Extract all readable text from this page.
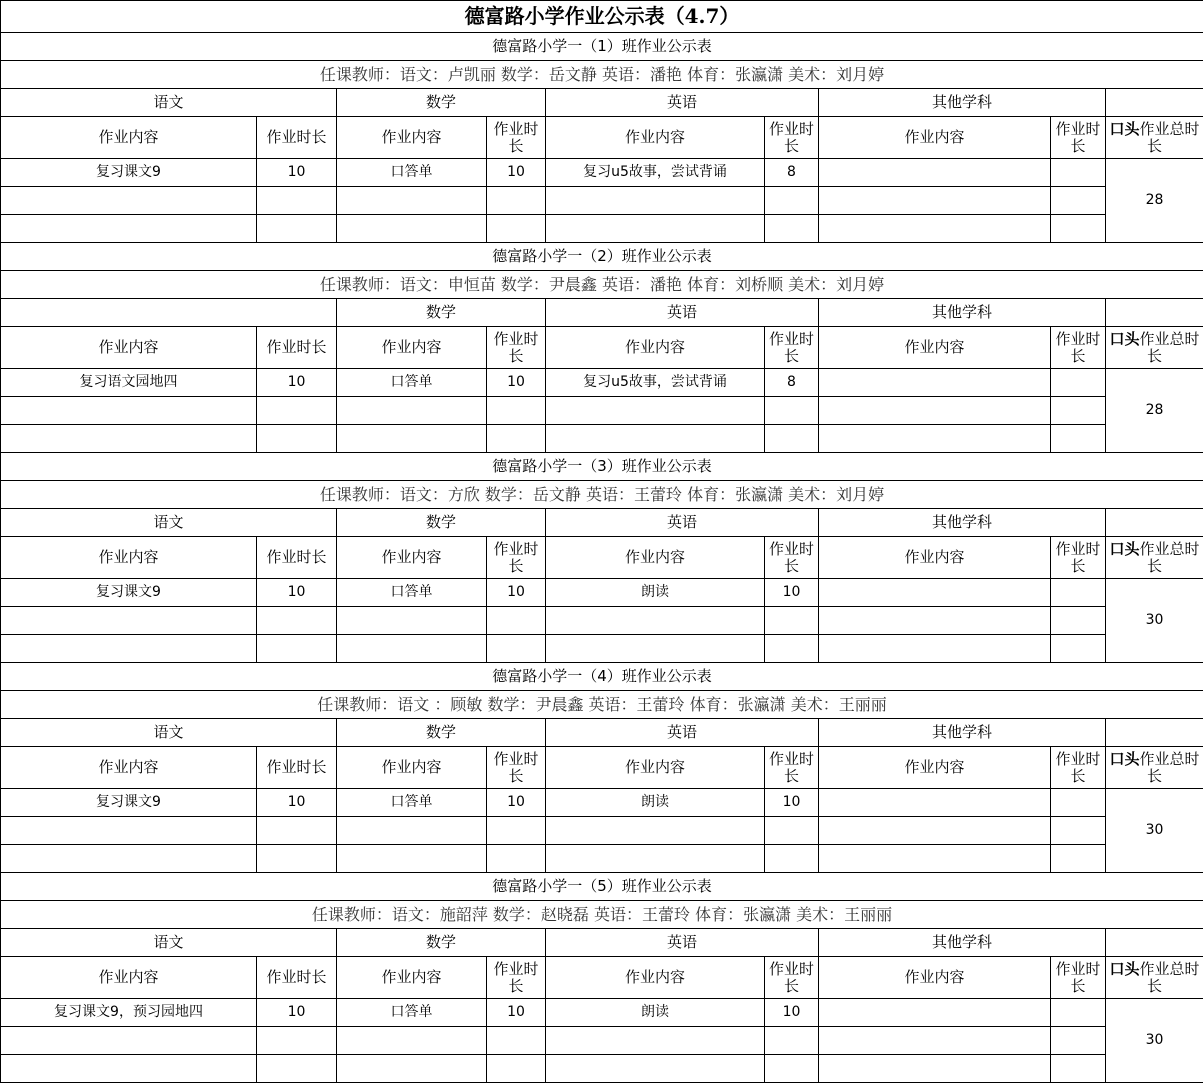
德富路小学作业公示表（4.7）								
德富路小学一（1）班作业公示表								
任课教师：语文：卢凯丽 数学：岳文静 英语：潘艳 体育：张瀛潇 美术：刘月婷								
语文		数学		英语		其他学科		
作业内容	作业时长	作业内容	作业时长	作业内容	作业时长	作业内容	作业时长	口头作业总时长
复习课文9	10	口答单	10	复习u5故事，尝试背诵	8			28

德富路小学一（2）班作业公示表								
任课教师：语文：申恒苗 数学：尹晨鑫 英语：潘艳 体育：刘桥顺 美术：刘月婷								
		数学		英语		其他学科		
作业内容	作业时长	作业内容	作业时长	作业内容	作业时长	作业内容	作业时长	口头作业总时长
复习语文园地四	10	口答单	10	复习u5故事，尝试背诵	8			28

德富路小学一（3）班作业公示表								
任课教师：语文：方欣 数学：岳文静 英语：王蕾玲 体育：张瀛潇 美术：刘月婷								
语文		数学		英语		其他学科		
作业内容	作业时长	作业内容	作业时长	作业内容	作业时长	作业内容	作业时长	口头作业总时长
复习课文9	10	口答单	10	朗读	10			30

德富路小学一（4）班作业公示表								
任课教师：语文 ：顾敏 数学：尹晨鑫 英语：王蕾玲 体育：张瀛潇 美术：王丽丽								
语文		数学		英语		其他学科		
作业内容	作业时长	作业内容	作业时长	作业内容	作业时长	作业内容	作业时长	口头作业总时长
复习课文9	10	口答单	10	朗读	10			30

德富路小学一（5）班作业公示表								
任课教师：语文：施韶萍 数学：赵晓磊 英语：王蕾玲 体育：张瀛潇 美术：王丽丽								
语文		数学		英语		其他学科		
作业内容	作业时长	作业内容	作业时长	作业内容	作业时长	作业内容	作业时长	口头作业总时长
复习课文9，预习园地四	10	口答单	10	朗读	10			30
